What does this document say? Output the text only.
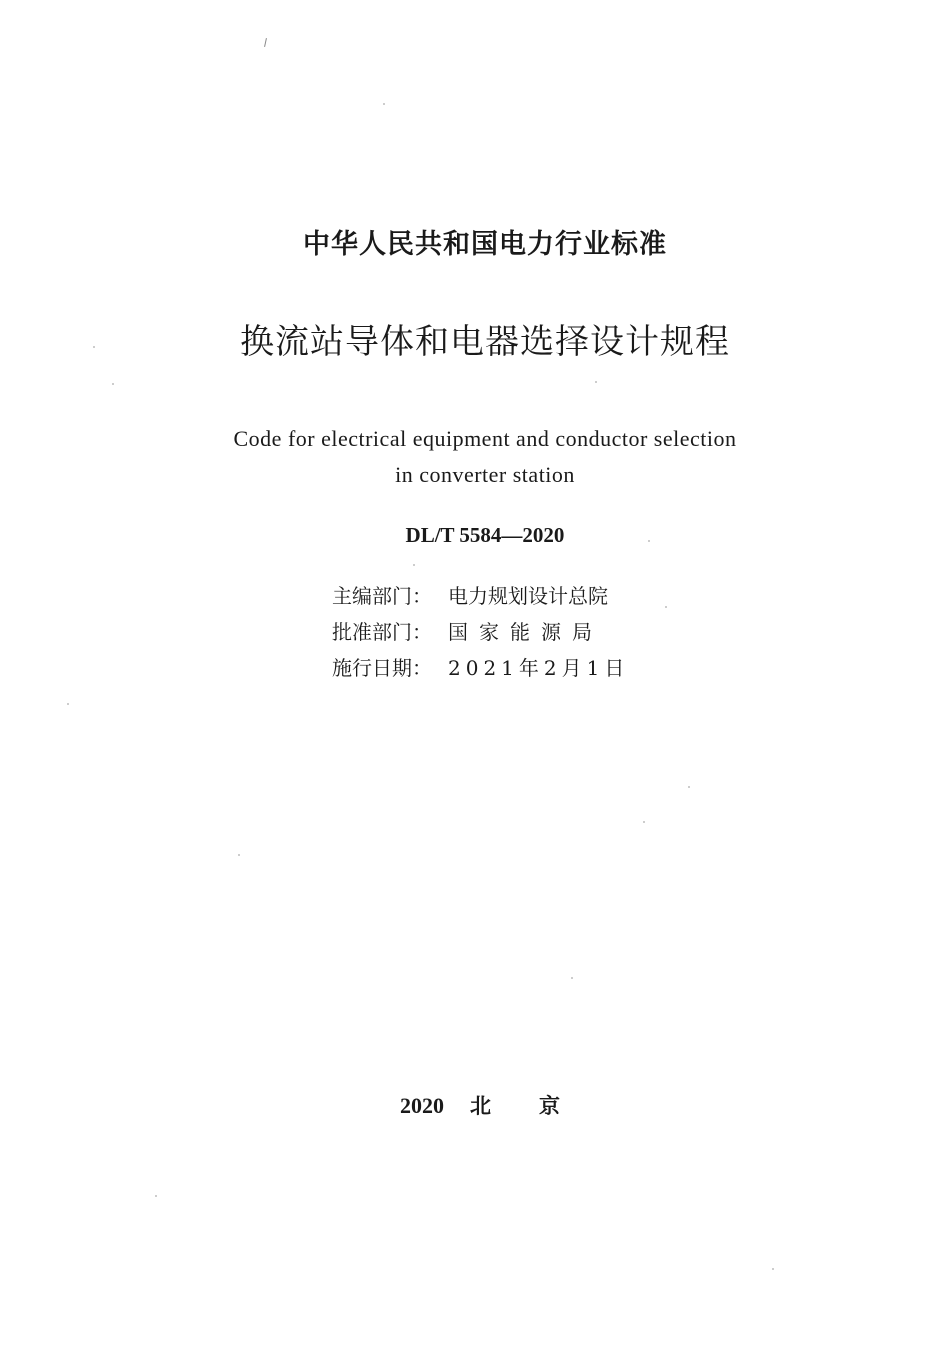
中华人民共和国电力行业标准
换流站导体和电器选择设计规程
Code for electrical equipment and conductor selection
in converter station
DL/T 5584—2020
主编部门： 电力规划设计总院
批准部门： 国家能源局
施行日期： 2021年2月1日
2020 北京
